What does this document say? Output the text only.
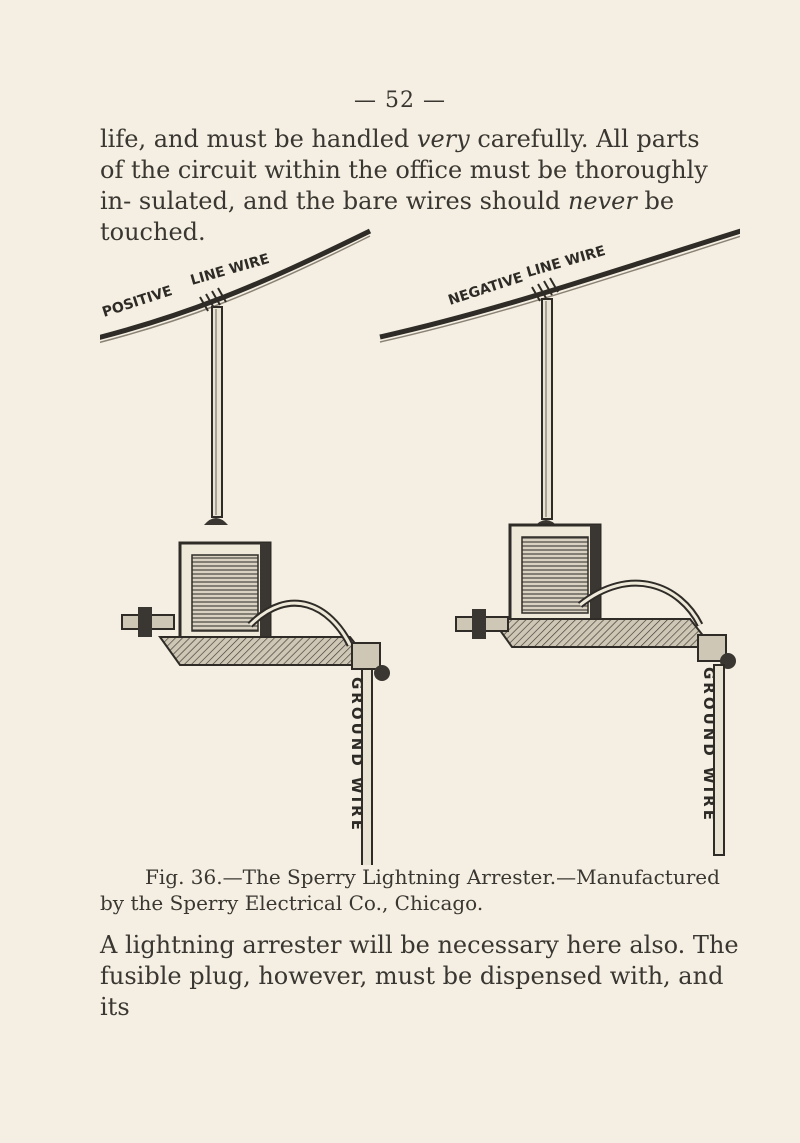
— 52 —

life, and must be handled very carefully. All parts of the circuit within the office must be thoroughly in- sulated, and the bare wires should never be touched.

GROUND WIRE
POSITIVE
LINE WIRE
GROUND WIRE
NEGATIVE
LINE WIRE

Fig. 36.—The Sperry Lightning Arrester.—Manufactured
by the Sperry Electrical Co., Chicago.

A lightning arrester will be necessary here also. The fusible plug, however, must be dispensed with, and its
